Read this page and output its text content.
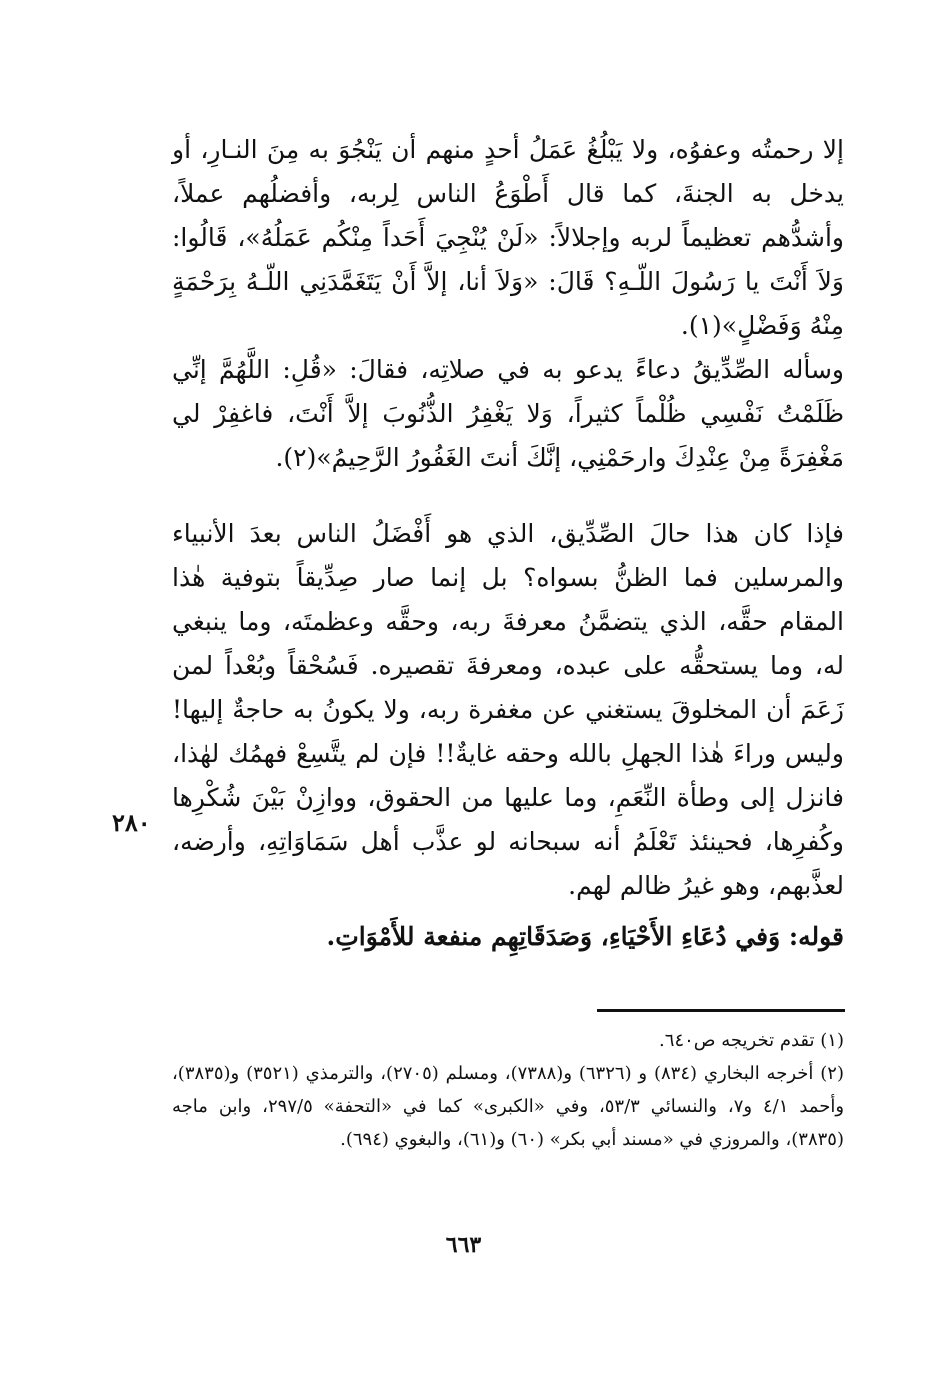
إلا رحمتُه وعفوُه، ولا يَبْلُغُ عَمَلُ أحدٍ منهم أن يَنْجُوَ به مِنَ النـارِ، أو يدخل به الجنةَ، كما قال أَطْوَعُ الناس لِربه، وأفضلُهم عملاً، وأشدُّهم تعظيماً لربه وإجلالاً: «لَنْ يُنْجِيَ أَحَداً مِنْكُم عَمَلُهُ»، قَالُوا: وَلاَ أَنْتَ يا رَسُولَ اللّـهِ؟ قَالَ: «وَلاَ أنا، إلاَّ أَنْ يَتَغَمَّدَنِي اللّـهُ بِرَحْمَةٍ مِنْهُ وَفَضْلٍ»(١).

وسأله الصِّدِّيقُ دعاءً يدعو به في صلاتِه، فقالَ: «قُلِ: اللَّهُمَّ إنِّي ظَلَمْتُ نَفْسِي ظُلْماً كثيراً، وَلا يَغْفِرُ الذُّنُوبَ إلاَّ أَنْتَ، فاغفِرْ لي مَغْفِرَةً مِنْ عِنْدِكَ وارحَمْنِي، إنَّكَ أنتَ الغَفُورُ الرَّحِيمُ»(٢).

فإذا كان هذا حالَ الصِّدِّيق، الذي هو أَفْضَلُ الناس بعدَ الأنبياء والمرسلين فما الظنُّ بسواه؟ بل إنما صار صِدِّيقاً بتوفية هٰذا المقام حقَّه، الذي يتضمَّنُ معرفةَ ربه، وحقَّه وعظمتَه، وما ينبغي له، وما يستحقُّه على عبده، ومعرفةَ تقصيره. فَسُحْقاً وبُعْداً لمن زَعَمَ أن المخلوقَ يستغني عن مغفرة ربه، ولا يكونُ به حاجةٌ إليها! وليس وراءَ هٰذا الجهلِ بالله وحقه غايةٌ!! فإن لم يتَّسِعْ فهمُك لهٰذا، فانزل إلى وطأة النِّعَمِ، وما عليها من الحقوق، ووازِنْ بَيْنَ شُكْرِها وكُفرِها، فحينئذ تَعْلَمُ أنه سبحانه لو عذَّب أهل سَمَاوَاتِهِ، وأرضه، لعذَّبهم، وهو غيرُ ظالم لهم.

٢٨٠

قوله: وَفي دُعَاءِ الأَحْيَاءِ، وَصَدَقَاتِهِم منفعة للأَمْوَاتِ.

(١) تقدم تخريجه ص٦٤٠.
(٢) أخرجه البخاري (٨٣٤) و (٦٣٢٦) و(٧٣٨٨)، ومسلم (٢٧٠٥)، والترمذي (٣٥٢١) و(٣٨٣٥)، وأحمد ٤/١ و٧، والنسائي ٥٣/٣، وفي «الكبرى» كما في «التحفة» ٢٩٧/٥، وابن ماجه (٣٨٣٥)، والمروزي في «مسند أبي بكر» (٦٠) و(٦١)، والبغوي (٦٩٤).
٦٦٣
